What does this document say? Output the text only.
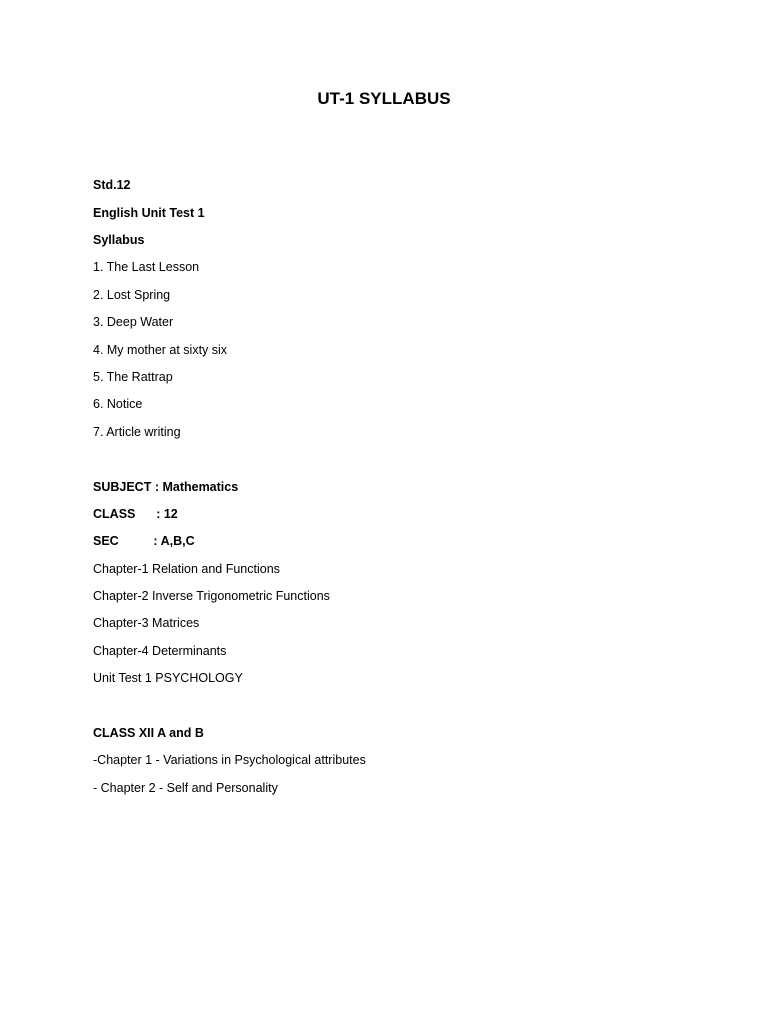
UT-1 SYLLABUS
Std.12
English Unit Test 1
Syllabus
1. The Last Lesson
2. Lost Spring
3. Deep Water
4. My mother at sixty six
5. The Rattrap
6. Notice
7. Article writing
SUBJECT : Mathematics
CLASS      : 12
SEC          : A,B,C
Chapter-1 Relation and Functions
Chapter-2 Inverse Trigonometric Functions
Chapter-3 Matrices
Chapter-4 Determinants
Unit Test 1 PSYCHOLOGY
CLASS XII A and B
-Chapter 1 - Variations in Psychological attributes
- Chapter 2 - Self and Personality
